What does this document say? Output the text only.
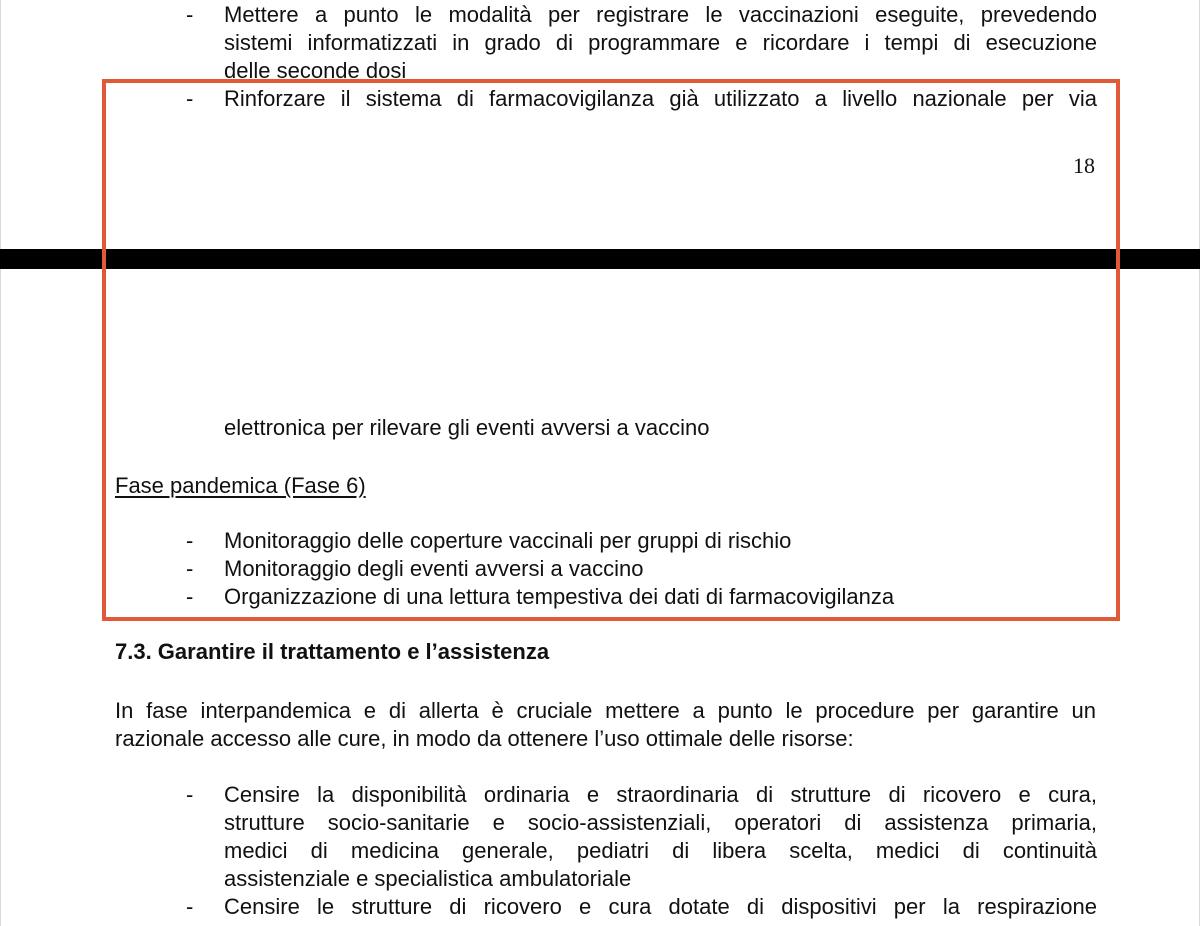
- Mettere a punto le modalità per registrare le vaccinazioni eseguite, prevedendo
sistemi informatizzati in grado di programmare e ricordare i tempi di esecuzione
delle seconde dosi
- Rinforzare il sistema di farmacovigilanza già utilizzato a livello nazionale per via
18
elettronica per rilevare gli eventi avversi a vaccino
Fase pandemica (Fase 6)
- Monitoraggio delle coperture vaccinali per gruppi di rischio
- Monitoraggio degli eventi avversi a vaccino
- Organizzazione di una lettura tempestiva dei dati di farmacovigilanza
7.3. Garantire il trattamento e l’assistenza
In fase interpandemica e di allerta è cruciale mettere a punto le procedure per garantire un
razionale accesso alle cure, in modo da ottenere l’uso ottimale delle risorse:
- Censire la disponibilità ordinaria e straordinaria di strutture di ricovero e cura,
strutture socio-sanitarie e socio-assistenziali, operatori di assistenza primaria,
medici di medicina generale, pediatri di libera scelta, medici di continuità
assistenziale e specialistica ambulatoriale
- Censire le strutture di ricovero e cura dotate di dispositivi per la respirazione
